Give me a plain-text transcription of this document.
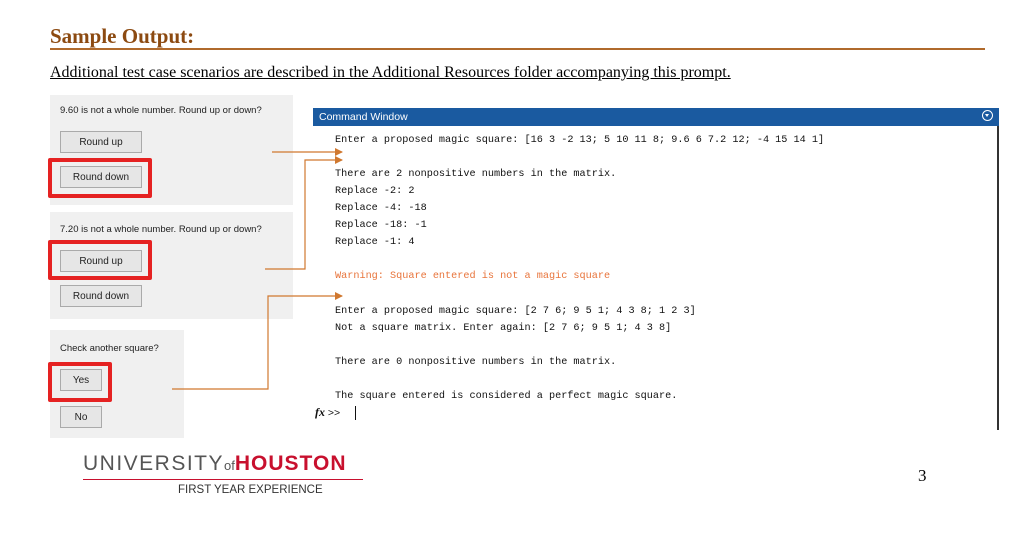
Sample Output:
Additional test case scenarios are described in the Additional Resources folder accompanying this prompt.
9.60 is not a whole number. Round up or down?
Round up
Round down
7.20 is not a whole number. Round up or down?
Round up
Round down
Check another square?
Yes
No
Command Window
Enter a proposed magic square: [16 3 -2 13; 5 10 11 8; 9.6 6 7.2 12; -4 15 14 1]
There are 2 nonpositive numbers in the matrix.
Replace -2: 2
Replace -4: -18
Replace -18: -1
Replace -1: 4
Warning: Square entered is not a magic square
Enter a proposed magic square: [2 7 6; 9 5 1; 4 3 8; 1 2 3]
Not a square matrix. Enter again: [2 7 6; 9 5 1; 4 3 8]
There are 0 nonpositive numbers in the matrix.
The square entered is considered a perfect magic square.
fx >>
UNIVERSITYofHOUSTON
FIRST YEAR EXPERIENCE
3
